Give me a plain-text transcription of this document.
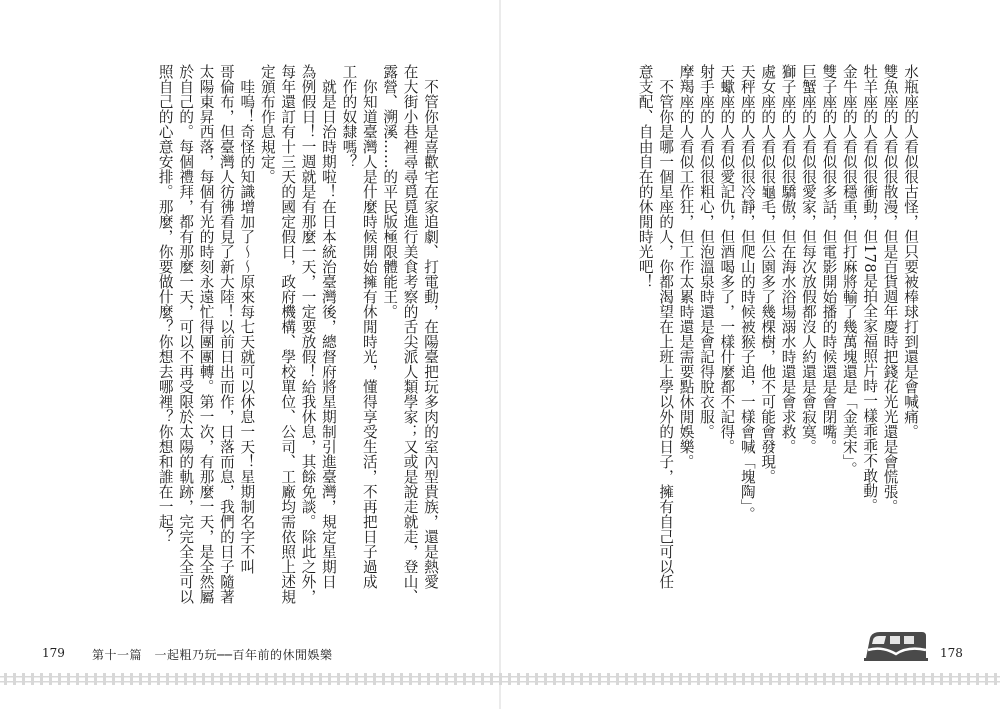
不管你是喜歡宅在家追劇、打電動，在陽臺把玩多肉的室內型貴族，還是熱愛
在大街小巷裡尋尋覓覓進行美食考察的舌尖派人類學家；又或是說走就走，登山、
露營、溯溪……的平民版極限體能王。
你知道臺灣人是什麼時候開始擁有休閒時光，懂得享受生活，不再把日子過成
工作的奴隸嗎？
就是日治時期啦！在日本統治臺灣後，總督府將星期制引進臺灣，規定星期日
為例假日！一週就是有那麼一天，一定要放假！給我休息，其餘免談。除此之外，
每年還訂有十三天的國定假日，政府機構、學校單位、公司、工廠均需依照上述規
定頒布作息規定。
哇嗚！奇怪的知識增加了～～原來每七天就可以休息一天！星期制名字不叫
哥倫布，但臺灣人彷彿看見了新大陸！以前日出而作，日落而息，我們的日子隨著
太陽東昇西落，每個有光的時刻永遠忙得團團轉。第一次，有那麼一天，是全然屬
於自己的。每個禮拜，都有那麼一天，可以不再受限於太陽的軌跡，完完全全可以
照自己的心意安排。那麼，你要做什麼？你想去哪裡？你想和誰在一起？
179 第十一篇　一起粗乃玩──百年前的休閒娛樂
水瓶座的人看似很古怪，但只要被棒球打到還是會喊痛。
雙魚座的人看似很散漫，但是百貨週年慶時把錢花光光還是會慌張。
牡羊座的人看似很衝動，但178是拍全家福照片時一樣乖乖不敢動。
金牛座的人看似很穩重，但打麻將輸了幾萬塊還是「金美宋」。
雙子座的人看似很多話，但電影開始播的時候還是會閉嘴。
巨蟹座的人看似很愛家，但每次放假都沒人約還是會寂寞。
獅子座的人看似很驕傲，但在海水浴場溺水時還是會求救。
處女座的人看似很龜毛，但公園多了幾棵樹，他不可能會發現。
天秤座的人看似很冷靜，但爬山的時候被猴子追，一樣會喊「塊陶」。
天蠍座的人看似愛記仇，但酒喝多了，一樣什麼都不記得。
射手座的人看似很粗心，但泡溫泉時還是會記得脫衣服。
摩羯座的人看似工作狂，但工作太累時還是需要點休閒娛樂。
不管你是哪一個星座的人，你都渴望在上班上學以外的日子，擁有自己可以任
意支配、自由自在的休閒時光吧！
178
